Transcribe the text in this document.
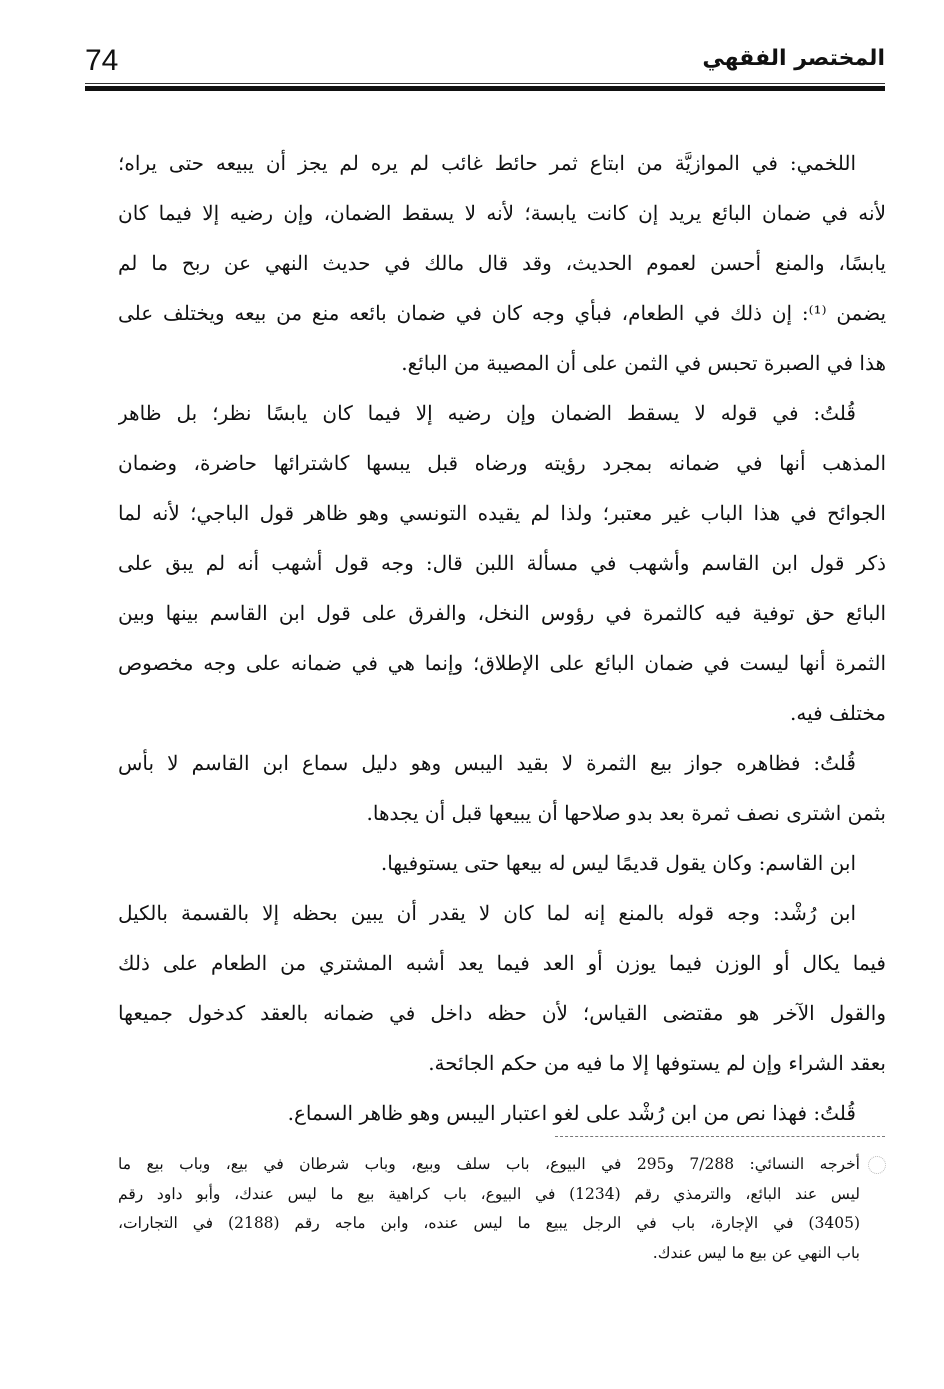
74	المختصر الفقهي
اللخمي: في الموازيَّة من ابتاع ثمر حائط غائب لم يره لم يجز أن يبيعه حتى يراه؛
لأنه في ضمان البائع يريد إن كانت يابسة؛ لأنه لا يسقط الضمان، وإن رضيه إلا فيما كان
يابسًا، والمنع أحسن لعموم الحديث، وقد قال مالك في حديث النهي عن ربح ما لم
يضمن ⁽¹⁾: إن ذلك في الطعام، فبأي وجه كان في ضمان بائعه منع من بيعه ويختلف على
هذا في الصبرة تحبس في الثمن على أن المصيبة من البائع.
قُلتُ: في قوله لا يسقط الضمان وإن رضيه إلا فيما كان يابسًا نظر؛ بل ظاهر
المذهب أنها في ضمانه بمجرد رؤيته ورضاه قبل يبسها كاشترائها حاضرة، وضمان
الجوائح في هذا الباب غير معتبر؛ ولذا لم يقيده التونسي وهو ظاهر قول الباجي؛ لأنه لما
ذكر قول ابن القاسم وأشهب في مسألة اللبن قال: وجه قول أشهب أنه لم يبق على
البائع حق توفية فيه كالثمرة في رؤوس النخل، والفرق على قول ابن القاسم بينها وبين
الثمرة أنها ليست في ضمان البائع على الإطلاق؛ وإنما هي في ضمانه على وجه مخصوص
مختلف فيه.
قُلتُ: فظاهره جواز بيع الثمرة لا بقيد اليبس وهو دليل سماع ابن القاسم لا بأس
بثمن اشترى نصف ثمرة بعد بدو صلاحها أن يبيعها قبل أن يجدها.
ابن القاسم: وكان يقول قديمًا ليس له بيعها حتى يستوفيها.
ابن رُشْد: وجه قوله بالمنع إنه لما كان لا يقدر أن يبين بحظه إلا بالقسمة بالكيل
فيما يكال أو الوزن فيما يوزن أو العد فيما يعد أشبه المشتري من الطعام على ذلك
والقول الآخر هو مقتضى القياس؛ لأن حظه داخل في ضمانه بالعقد كدخول جميعها
بعقد الشراء وإن لم يستوفها إلا ما فيه من حكم الجائحة.
قُلتُ: فهذا نص من ابن رُشْد على لغو اعتبار اليبس وهو ظاهر السماع.
أخرجه النسائي: 7/288 و295 في البيوع، باب سلف وبيع، وباب شرطان في بيع، وباب بيع ما
ليس عند البائع، والترمذي رقم (1234) في البيوع، باب كراهية بيع ما ليس عندك، وأبو داود رقم
(3405) في الإجارة، باب في الرجل يبيع ما ليس عنده، وابن ماجه رقم (2188) في التجارات،
باب النهي عن بيع ما ليس عندك.
